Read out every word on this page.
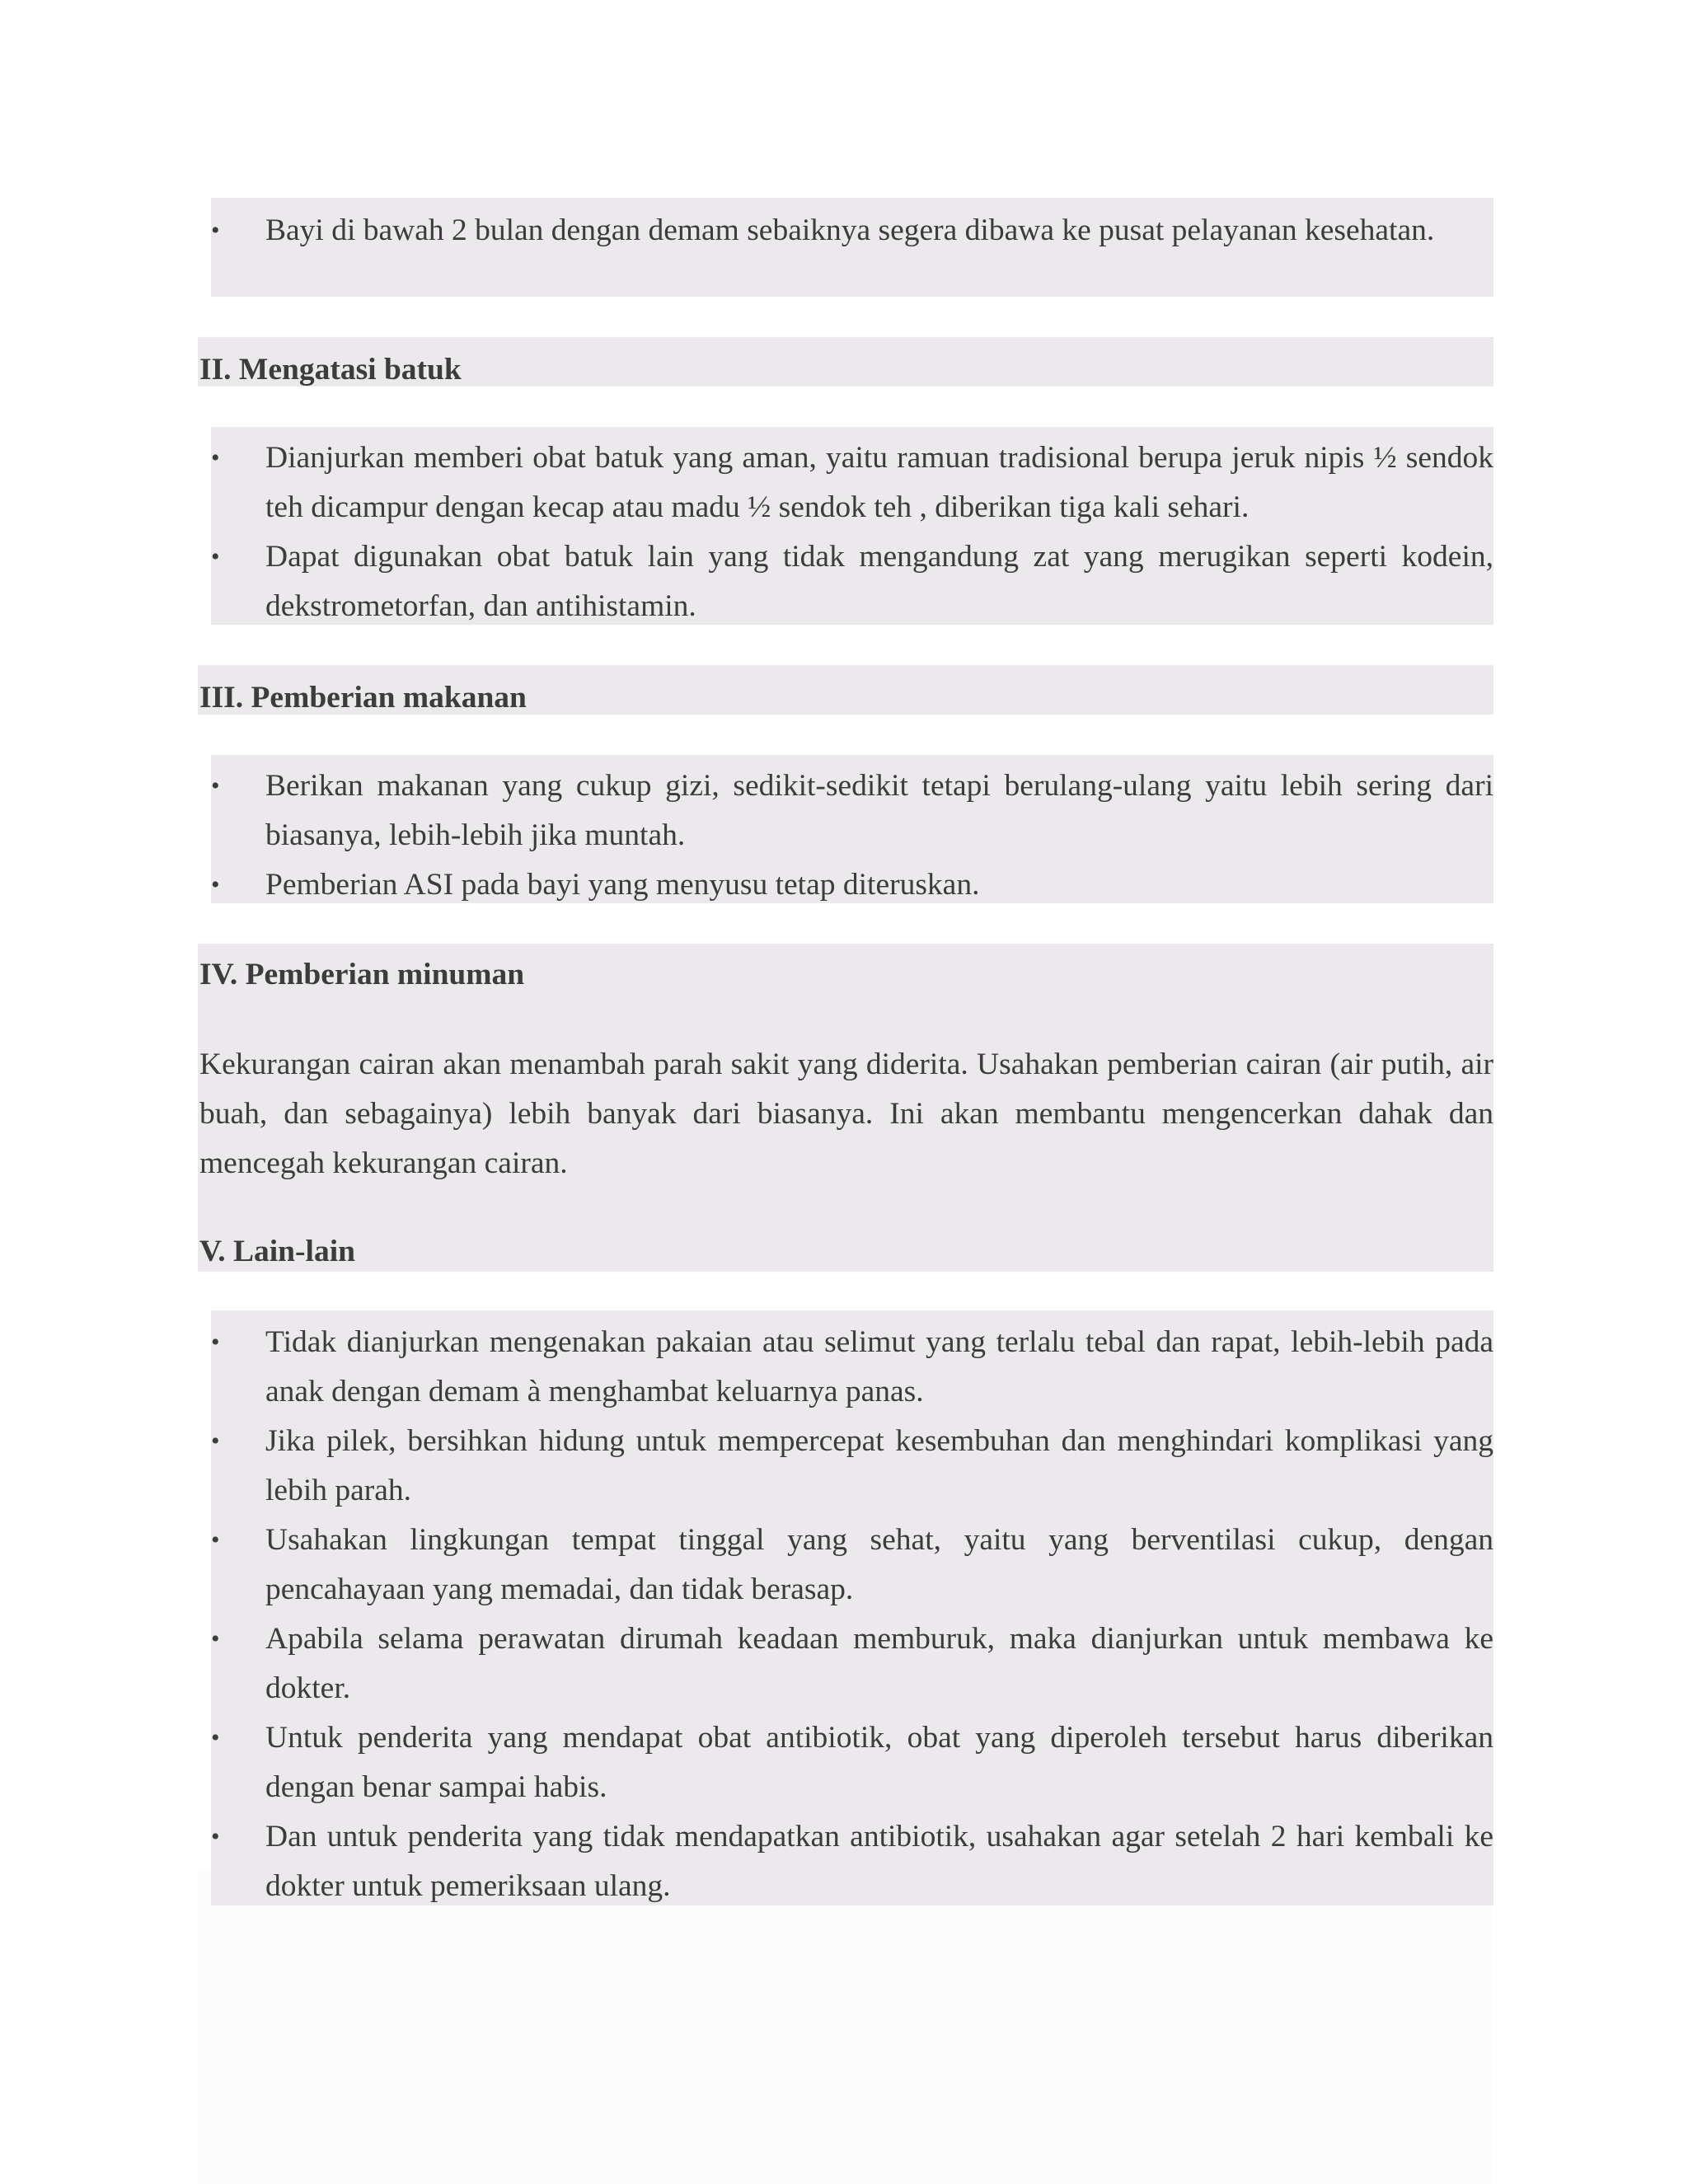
•	Bayi di bawah 2 bulan dengan demam sebaiknya segera dibawa ke pusat pelayanan kesehatan.
II. Mengatasi batuk
•	Dianjurkan memberi obat batuk yang aman, yaitu ramuan tradisional berupa jeruk nipis ½ sendok teh dicampur dengan kecap atau madu ½ sendok teh , diberikan tiga kali sehari.
•	Dapat digunakan obat batuk lain yang tidak mengandung zat yang merugikan seperti kodein, dekstrometorfan, dan antihistamin.
III. Pemberian makanan
•	Berikan makanan yang cukup gizi, sedikit-sedikit tetapi berulang-ulang yaitu lebih sering dari biasanya, lebih-lebih jika muntah.
•	Pemberian ASI pada bayi yang menyusu tetap diteruskan.
IV. Pemberian minuman

Kekurangan cairan akan menambah parah sakit yang diderita. Usahakan pemberian cairan (air putih, air buah, dan sebagainya) lebih banyak dari biasanya. Ini akan membantu mengencerkan dahak dan mencegah kekurangan cairan.

V. Lain-lain
•	Tidak dianjurkan mengenakan pakaian atau selimut yang terlalu tebal dan rapat, lebih-lebih pada anak dengan demam à menghambat keluarnya panas.
•	Jika pilek, bersihkan hidung untuk mempercepat kesembuhan dan menghindari komplikasi yang lebih parah.
•	Usahakan lingkungan tempat tinggal yang sehat, yaitu yang berventilasi cukup, dengan pencahayaan yang memadai, dan tidak berasap.
•	Apabila selama perawatan dirumah keadaan memburuk, maka dianjurkan untuk membawa ke dokter.
•	Untuk penderita yang mendapat obat antibiotik, obat yang diperoleh tersebut harus diberikan dengan benar sampai habis.
•	Dan untuk penderita yang tidak mendapatkan antibiotik, usahakan agar setelah 2 hari kembali ke dokter untuk pemeriksaan ulang.
